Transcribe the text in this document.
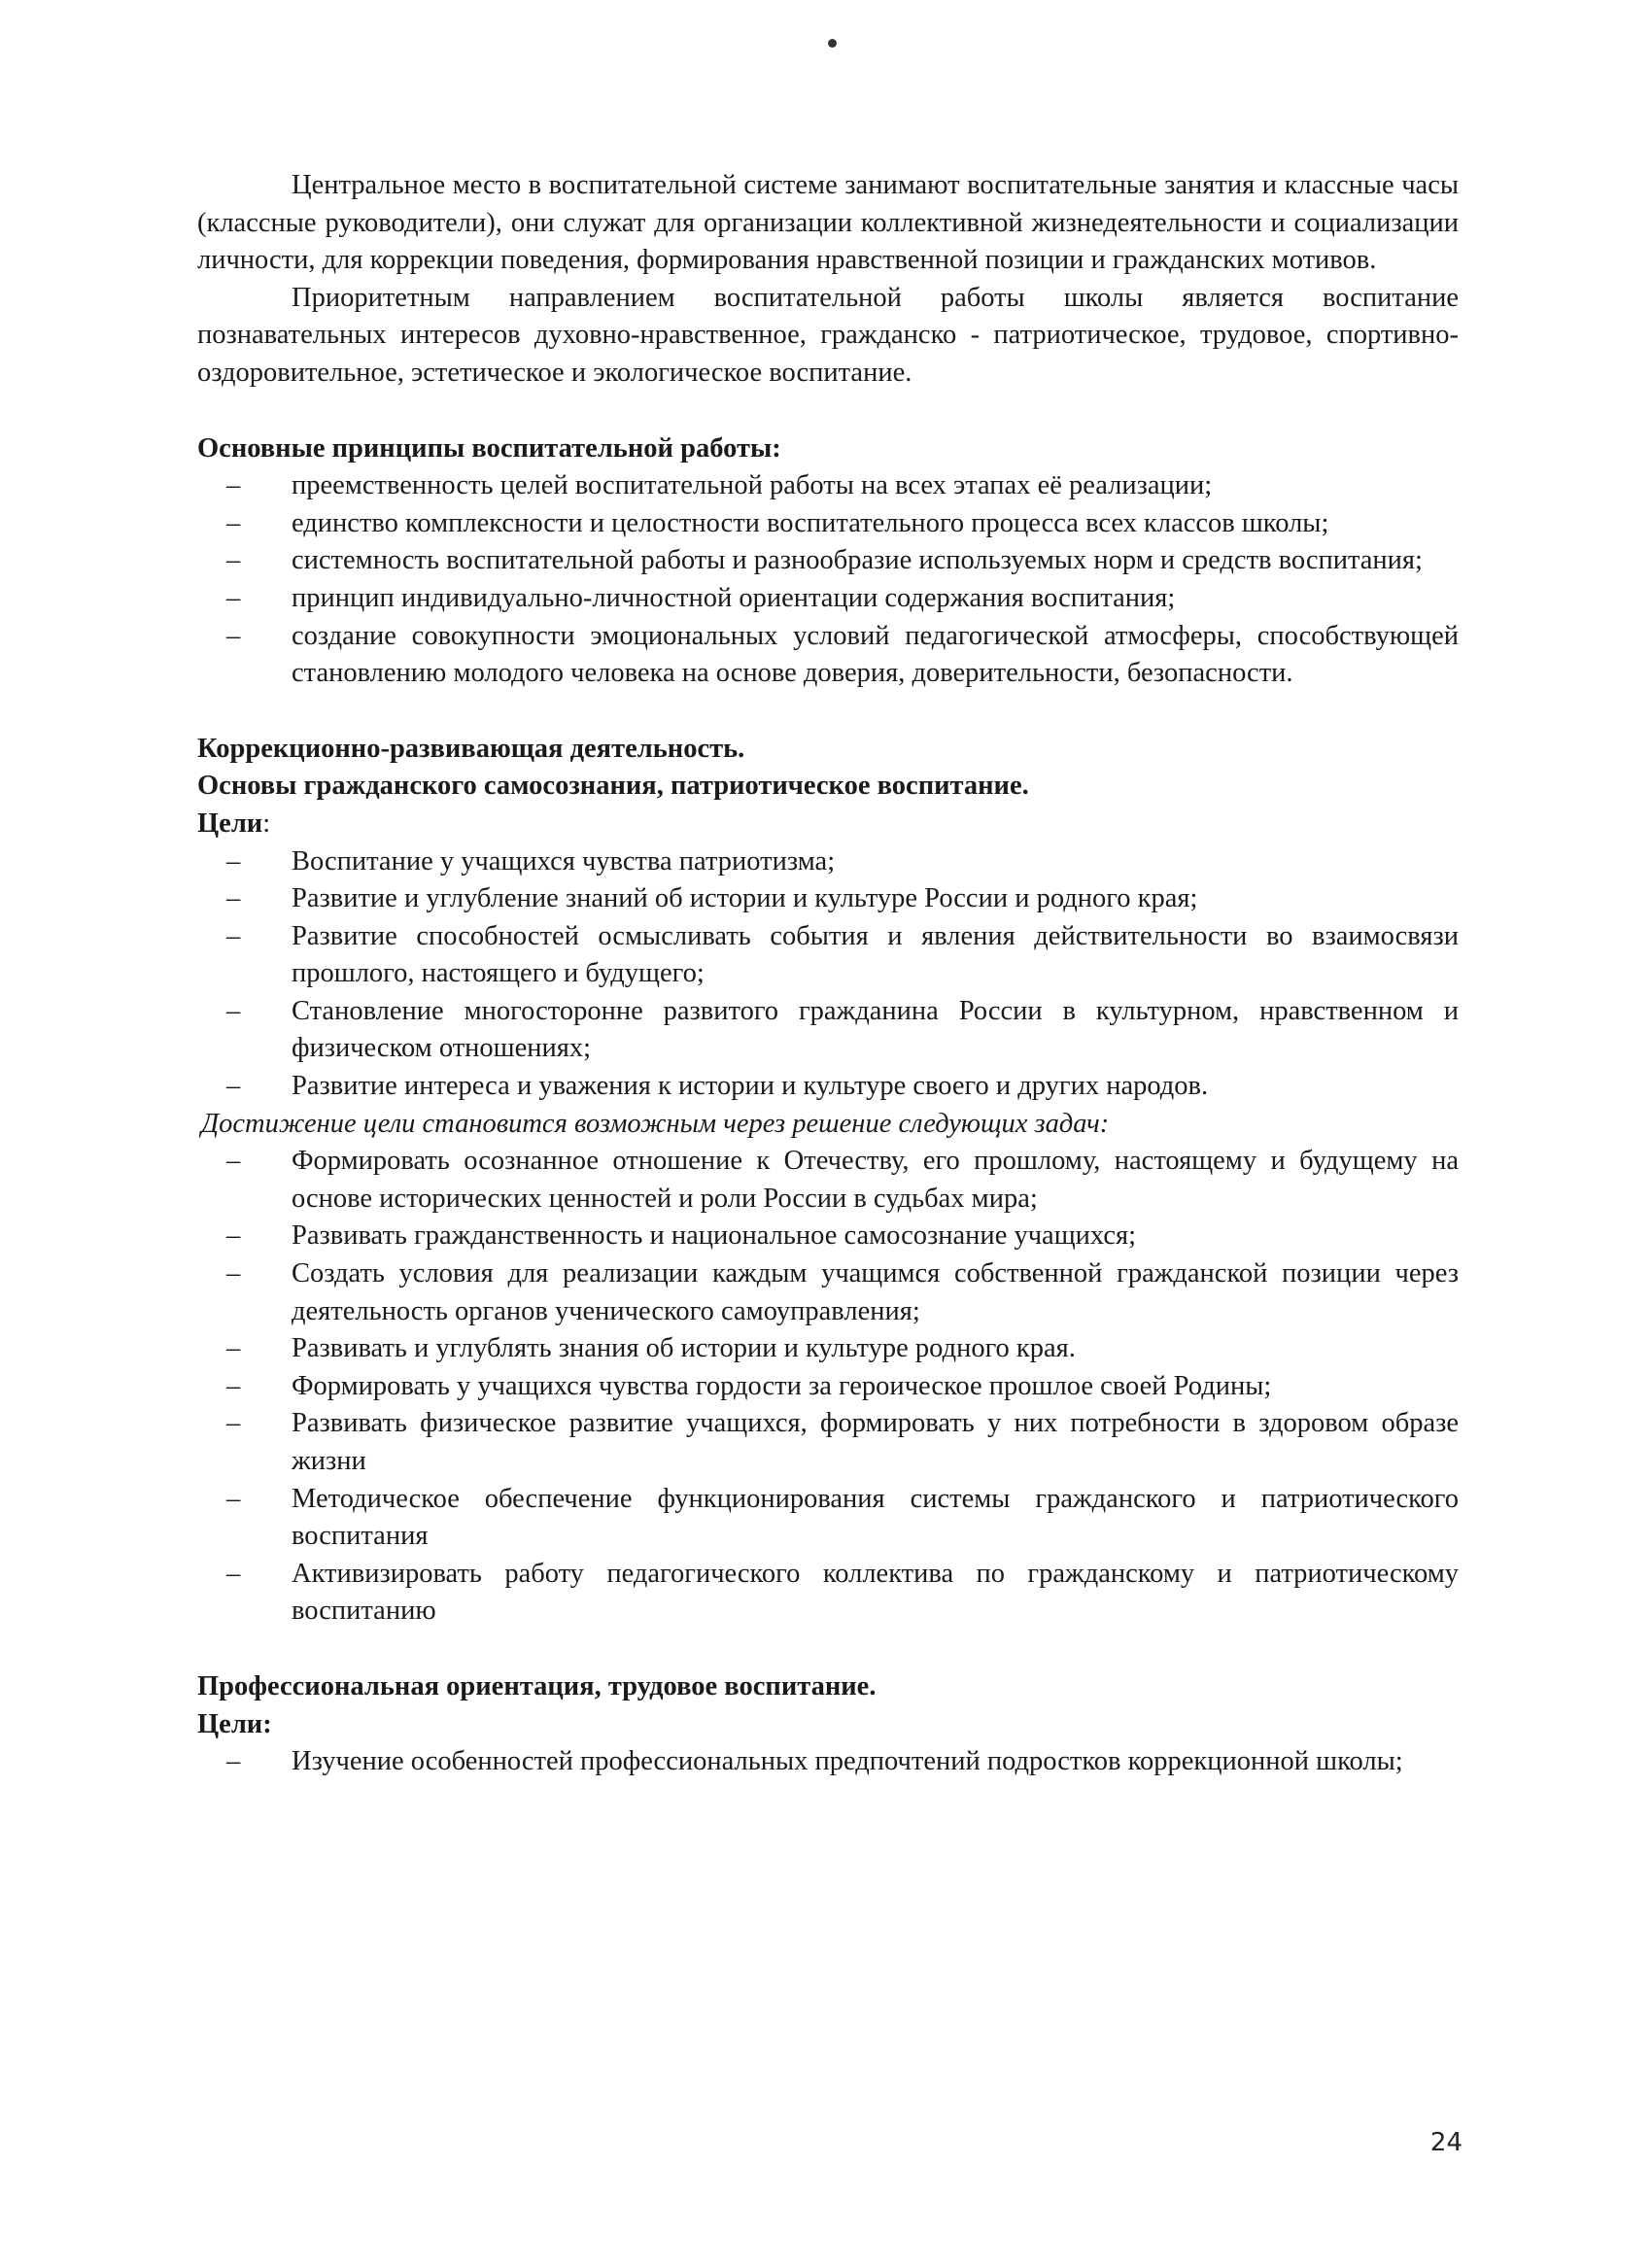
Центральное место в воспитательной системе занимают воспитательные занятия и классные часы (классные руководители), они служат для организации коллективной жизнедеятельности и социализации личности, для коррекции поведения, формирования нравственной позиции и гражданских мотивов.

Приоритетным направлением воспитательной работы школы является воспитание познавательных интересов духовно-нравственное, гражданско - патриотическое, трудовое, спортивно-оздоровительное, эстетическое и экологическое воспитание.

Основные принципы воспитательной работы:

– преемственность целей воспитательной работы на всех этапах её реализации;
– единство комплексности и целостности воспитательного процесса всех классов школы;
– системность воспитательной работы и разнообразие используемых норм и средств воспитания;
– принцип индивидуально-личностной ориентации содержания воспитания;
– создание совокупности эмоциональных условий педагогической атмосферы, способствующей становлению молодого человека на основе доверия, доверительности, безопасности.

Коррекционно-развивающая деятельность.

Основы гражданского самосознания, патриотическое воспитание.

Цели:

– Воспитание у учащихся чувства патриотизма;
– Развитие и углубление знаний об истории и культуре России и родного края;
– Развитие способностей осмысливать события и явления действительности во взаимосвязи прошлого, настоящего и будущего;
– Становление многосторонне развитого гражданина России в культурном, нравственном и физическом отношениях;
– Развитие интереса и уважения к истории и культуре своего и других народов.

Достижение цели становится возможным через решение следующих задач:

– Формировать осознанное отношение к Отечеству, его прошлому, настоящему и будущему на основе исторических ценностей и роли России в судьбах мира;
– Развивать гражданственность и национальное самосознание учащихся;
– Создать условия для реализации каждым учащимся собственной гражданской позиции через деятельность органов ученического самоуправления;
– Развивать и углублять знания об истории и культуре родного края.
– Формировать у учащихся чувства гордости за героическое прошлое своей Родины;
– Развивать физическое развитие учащихся, формировать у них потребности в здоровом образе жизни
– Методическое обеспечение функционирования системы гражданского и патриотического воспитания
– Активизировать работу педагогического коллектива по гражданскому и патриотическому воспитанию

Профессиональная ориентация, трудовое воспитание.

Цели:

– Изучение особенностей профессиональных предпочтений подростков коррекционной школы;
24
